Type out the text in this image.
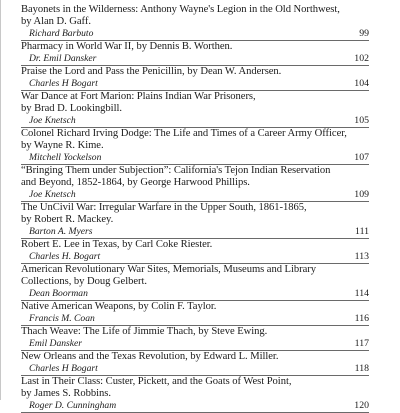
Bayonets in the Wilderness: Anthony Wayne's Legion in the Old Northwest,
by Alan D. Gaff.
Richard Barbuto	99
Pharmacy in World War II, by Dennis B. Worthen.
Dr. Emil Dansker	102
Praise the Lord and Pass the Penicillin, by Dean W. Andersen.
Charles H Bogart	104
War Dance at Fort Marion: Plains Indian War Prisoners,
by Brad D. Lookingbill.
Joe Knetsch	105
Colonel Richard Irving Dodge: The Life and Times of a Career Army Officer,
by Wayne R. Kime.
Mitchell Yockelson	107
“Bringing Them under Subjection”: California's Tejon Indian Reservation
and Beyond, 1852-1864, by George Harwood Phillips.
Joe Knetsch	109
The UnCivil War: Irregular Warfare in the Upper South, 1861-1865,
by Robert R. Mackey.
Barton A. Myers	111
Robert E. Lee in Texas, by Carl Coke Riester.
Charles H. Bogart	113
American Revolutionary War Sites, Memorials, Museums and Library
Collections, by Doug Gelbert.
Dean Boorman	114
Native American Weapons, by Colin F. Taylor.
Francis M. Coan	116
Thach Weave: The Life of Jimmie Thach, by Steve Ewing.
Emil Dansker	117
New Orleans and the Texas Revolution, by Edward L. Miller.
Charles H Bogart	118
Last in Their Class: Custer, Pickett, and the Goats of West Point,
by James S. Robbins.
Roger D. Cunningham	120
